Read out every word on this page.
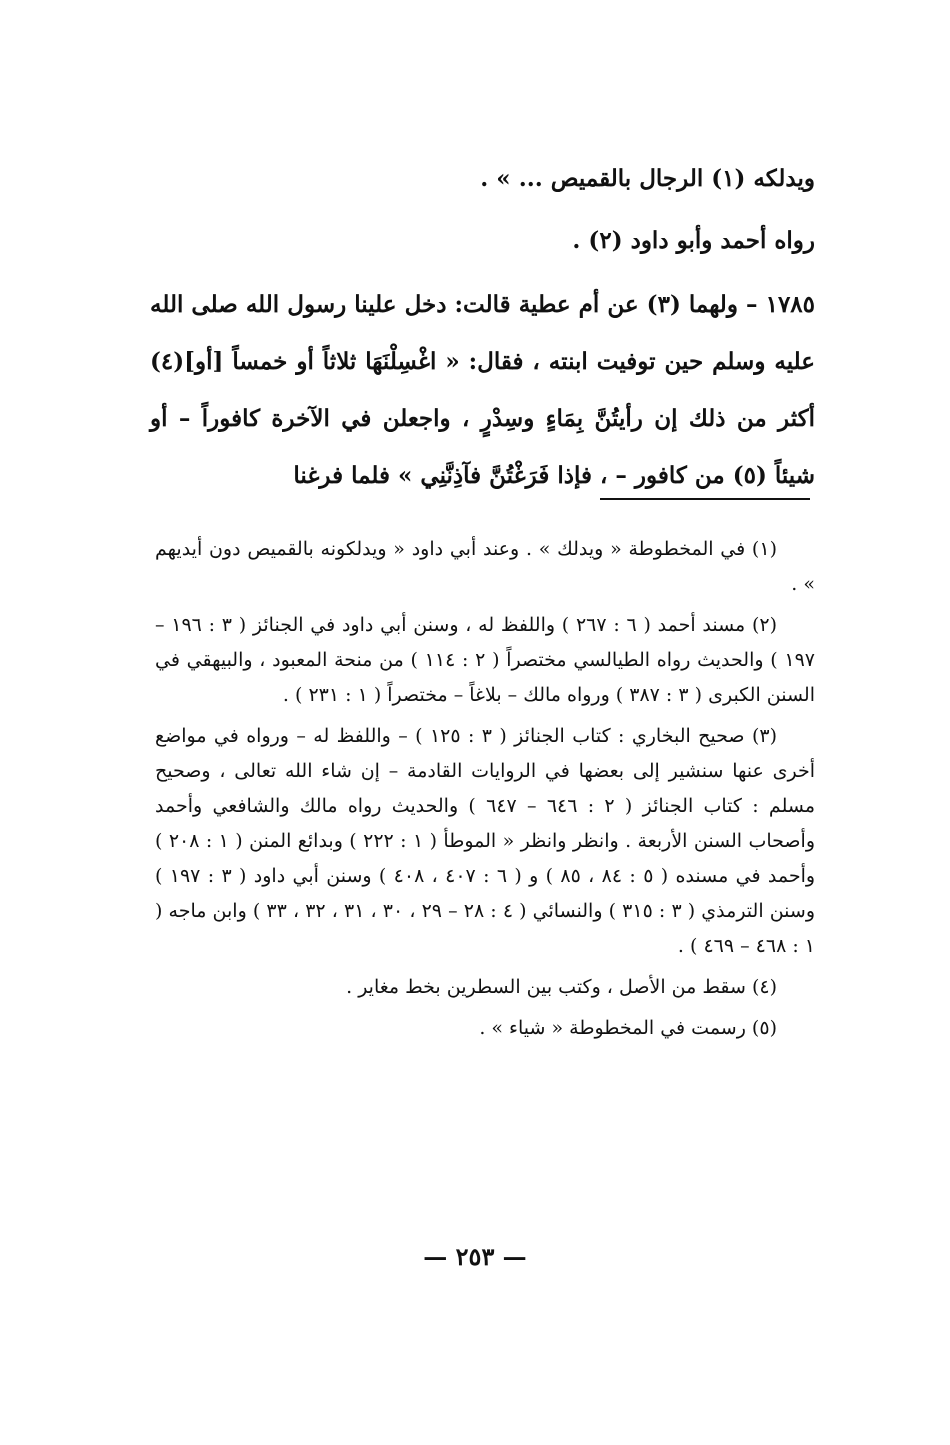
ويدلكه (١) الرجال بالقميص ... » .

رواه أحمد وأبو داود (٢) .

١٧٨٥ – ولهما (٣) عن أم عطية قالت: دخل علينا رسول الله صلى الله عليه وسلم حين توفيت ابنته ، فقال: « اغْسِلْنَهَا ثلاثاً أو خمساً [أو](٤) أكثر من ذلك إن رأيتُنَّ بِمَاءٍ وسِدْرٍ ، واجعلن في الآخرة كافوراً – أو شيئاً (٥) من كافور – ، فإذا فَرَغْتُنَّ فآذِنَّنِي » فلما فرغنا

(١) في المخطوطة « ويدلك » . وعند أبي داود « ويدلكونه بالقميص دون أيديهم » .

(٢) مسند أحمد ( ٦ : ٢٦٧ ) واللفظ له ، وسنن أبي داود في الجنائز ( ٣ : ١٩٦ – ١٩٧ ) والحديث رواه الطيالسي مختصراً ( ٢ : ١١٤ ) من منحة المعبود ، والبيهقي في السنن الكبرى ( ٣ : ٣٨٧ ) ورواه مالك – بلاغاً – مختصراً ( ١ : ٢٣١ ) .

(٣) صحيح البخاري : كتاب الجنائز ( ٣ : ١٢٥ ) – واللفظ له – ورواه في مواضع أخرى عنها سنشير إلى بعضها في الروايات القادمة – إن شاء الله تعالى ، وصحيح مسلم : كتاب الجنائز ( ٢ : ٦٤٦ – ٦٤٧ ) والحديث رواه مالك والشافعي وأحمد وأصحاب السنن الأربعة . وانظر وانظر « الموطأ ( ١ : ٢٢٢ ) وبدائع المنن ( ١ : ٢٠٨ ) وأحمد في مسنده ( ٥ : ٨٤ ، ٨٥ ) و ( ٦ : ٤٠٧ ، ٤٠٨ ) وسنن أبي داود ( ٣ : ١٩٧ ) وسنن الترمذي ( ٣ : ٣١٥ ) والنسائي ( ٤ : ٢٨ – ٢٩ ، ٣٠ ، ٣١ ، ٣٢ ، ٣٣ ) وابن ماجه ( ١ : ٤٦٨ – ٤٦٩ ) .

(٤) سقط من الأصل ، وكتب بين السطرين بخط مغاير .

(٥) رسمت في المخطوطة « شياء » .

— ٢٥٣ —
